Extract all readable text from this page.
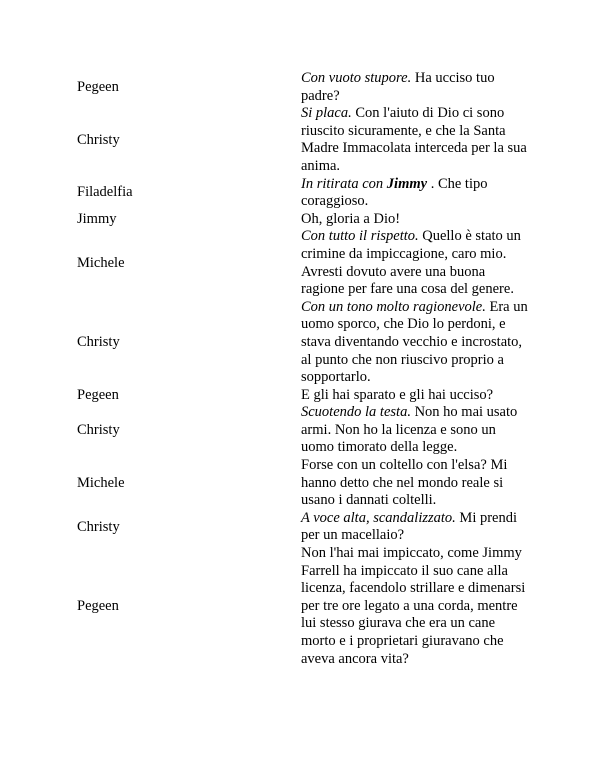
Pegeen
Con vuoto stupore. Ha ucciso tuo padre?
Christy
Si placa. Con l'aiuto di Dio ci sono riuscito sicuramente, e che la Santa Madre Immacolata interceda per la sua anima.
Filadelfia
In ritirata con Jimmy . Che tipo coraggioso.
Jimmy	Oh, gloria a Dio!
Michele
Con tutto il rispetto. Quello è stato un crimine da impiccagione, caro mio. Avresti dovuto avere una buona ragione per fare una cosa del genere.
Christy
Con un tono molto ragionevole. Era un uomo sporco, che Dio lo perdoni, e stava diventando vecchio e incrostato, al punto che non riuscivo proprio a sopportarlo.
Pegeen	E gli hai sparato e gli hai ucciso?
Christy
Scuotendo la testa. Non ho mai usato armi. Non ho la licenza e sono un uomo timorato della legge.
Michele
Forse con un coltello con l'elsa? Mi hanno detto che nel mondo reale si usano i dannati coltelli.
Christy
A voce alta, scandalizzato. Mi prendi per un macellaio?
Pegeen
Non l'hai mai impiccato, come Jimmy Farrell ha impiccato il suo cane alla licenza, facendolo strillare e dimenarsi per tre ore legato a una corda, mentre lui stesso giurava che era un cane morto e i proprietari giuravano che aveva ancora vita?
